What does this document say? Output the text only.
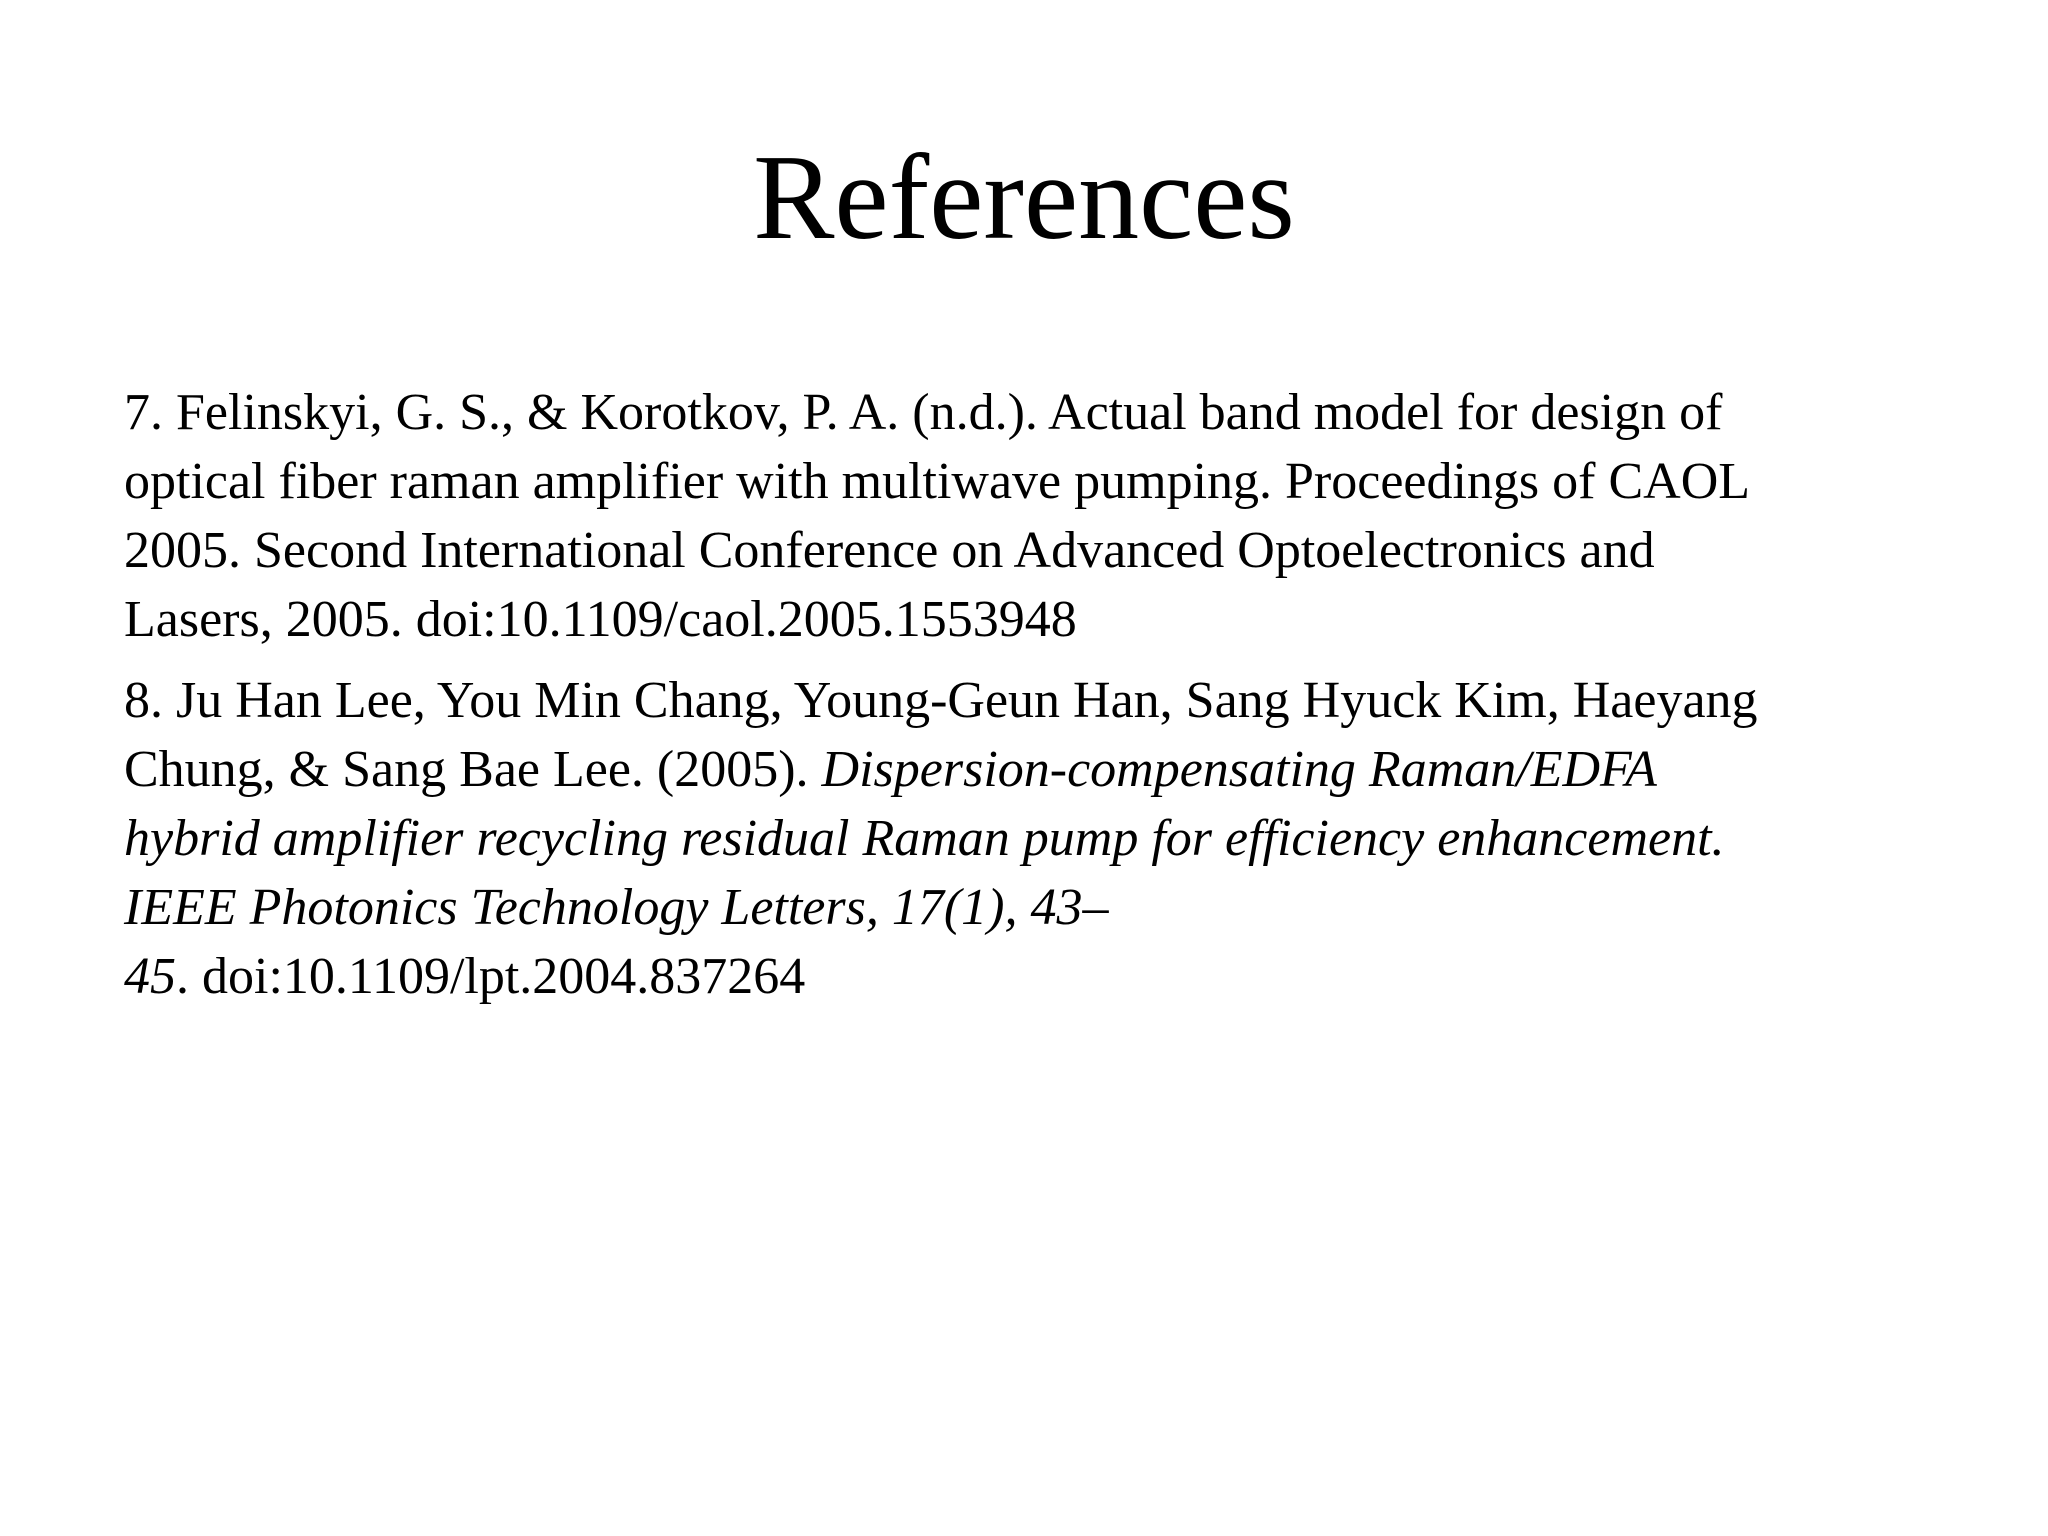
References

7. Felinskyi, G. S., & Korotkov, P. A. (n.d.). Actual band model for design of
optical fiber raman amplifier with multiwave pumping. Proceedings of CAOL
2005. Second International Conference on Advanced Optoelectronics and
Lasers, 2005. doi:10.1109/caol.2005.1553948

8. Ju Han Lee, You Min Chang, Young-Geun Han, Sang Hyuck Kim, Haeyang
Chung, & Sang Bae Lee. (2005). Dispersion-compensating Raman/EDFA
hybrid amplifier recycling residual Raman pump for efficiency enhancement.
IEEE Photonics Technology Letters, 17(1), 43–
45. doi:10.1109/lpt.2004.837264
